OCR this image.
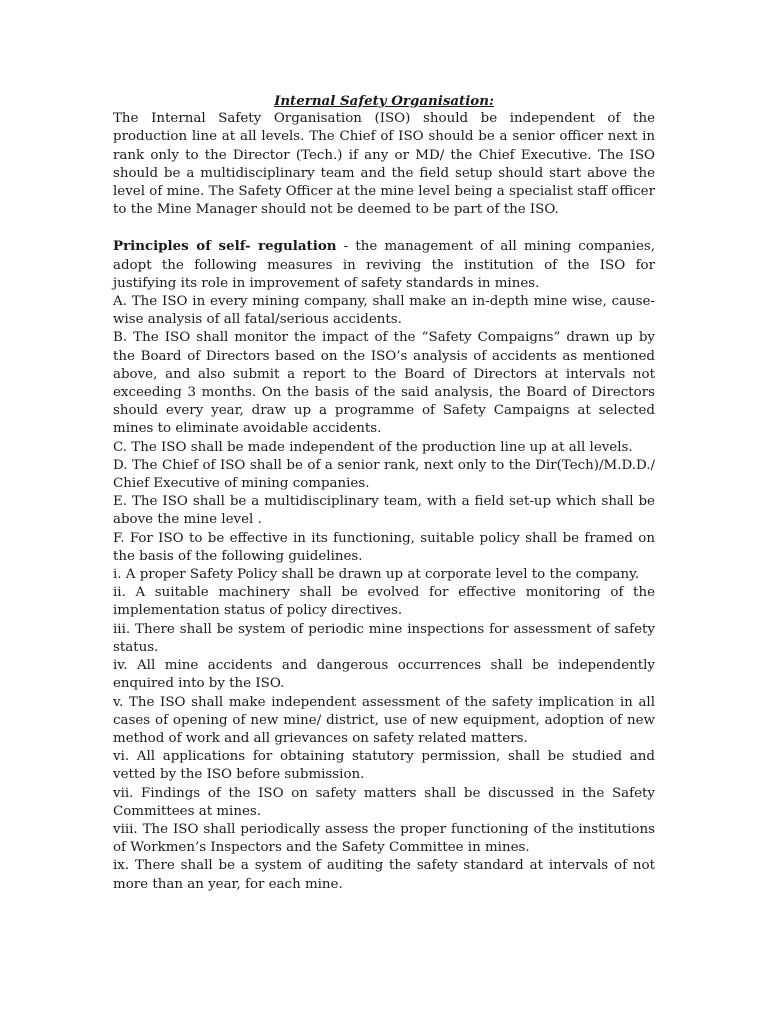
Internal Safety Organisation:

The Internal Safety Organisation (ISO) should be independent of the production line at all levels. The Chief of ISO should be a senior officer next in rank only to the Director (Tech.) if any or MD/ the Chief Executive. The ISO should be a multidisciplinary team and the field setup should start above the level of mine. The Safety Officer at the mine level being a specialist staff officer to the Mine Manager should not be deemed to be part of the ISO.

Principles of self- regulation - the management of all mining companies, adopt the following measures in reviving the institution of the ISO for justifying its role in improvement of safety standards in mines.

A. The ISO in every mining company, shall make an in-depth mine wise, cause-wise analysis of all fatal/serious accidents.

B. The ISO shall monitor the impact of the “Safety Compaigns” drawn up by the Board of Directors based on the ISO’s analysis of accidents as mentioned above, and also submit a report to the Board of Directors at intervals not exceeding 3 months. On the basis of the said analysis, the Board of Directors should every year, draw up a programme of Safety Campaigns at selected mines to eliminate avoidable accidents.

C. The ISO shall be made independent of the production line up at all levels.

D. The Chief of ISO shall be of a senior rank, next only to the Dir(Tech)/M.D.D./ Chief Executive of mining companies.

E. The ISO shall be a multidisciplinary team, with a field set-up which shall be above the mine level .

F. For ISO to be effective in its functioning, suitable policy shall be framed on the basis of the following guidelines.

i. A proper Safety Policy shall be drawn up at corporate level to the company.

ii. A suitable machinery shall be evolved for effective monitoring of the implementation status of policy directives.

iii. There shall be system of periodic mine inspections for assessment of safety status.

iv. All mine accidents and dangerous occurrences shall be independently enquired into by the ISO.

v. The ISO shall make independent assessment of the safety implication in all cases of opening of new mine/ district, use of new equipment, adoption of new method of work and all grievances on safety related matters.

vi. All applications for obtaining statutory permission, shall be studied and vetted by the ISO before submission.

vii. Findings of the ISO on safety matters shall be discussed in the Safety Committees at mines.

viii. The ISO shall periodically assess the proper functioning of the institutions of Workmen’s Inspectors and the Safety Committee in mines.

ix. There shall be a system of auditing the safety standard at intervals of not more than an year, for each mine.
